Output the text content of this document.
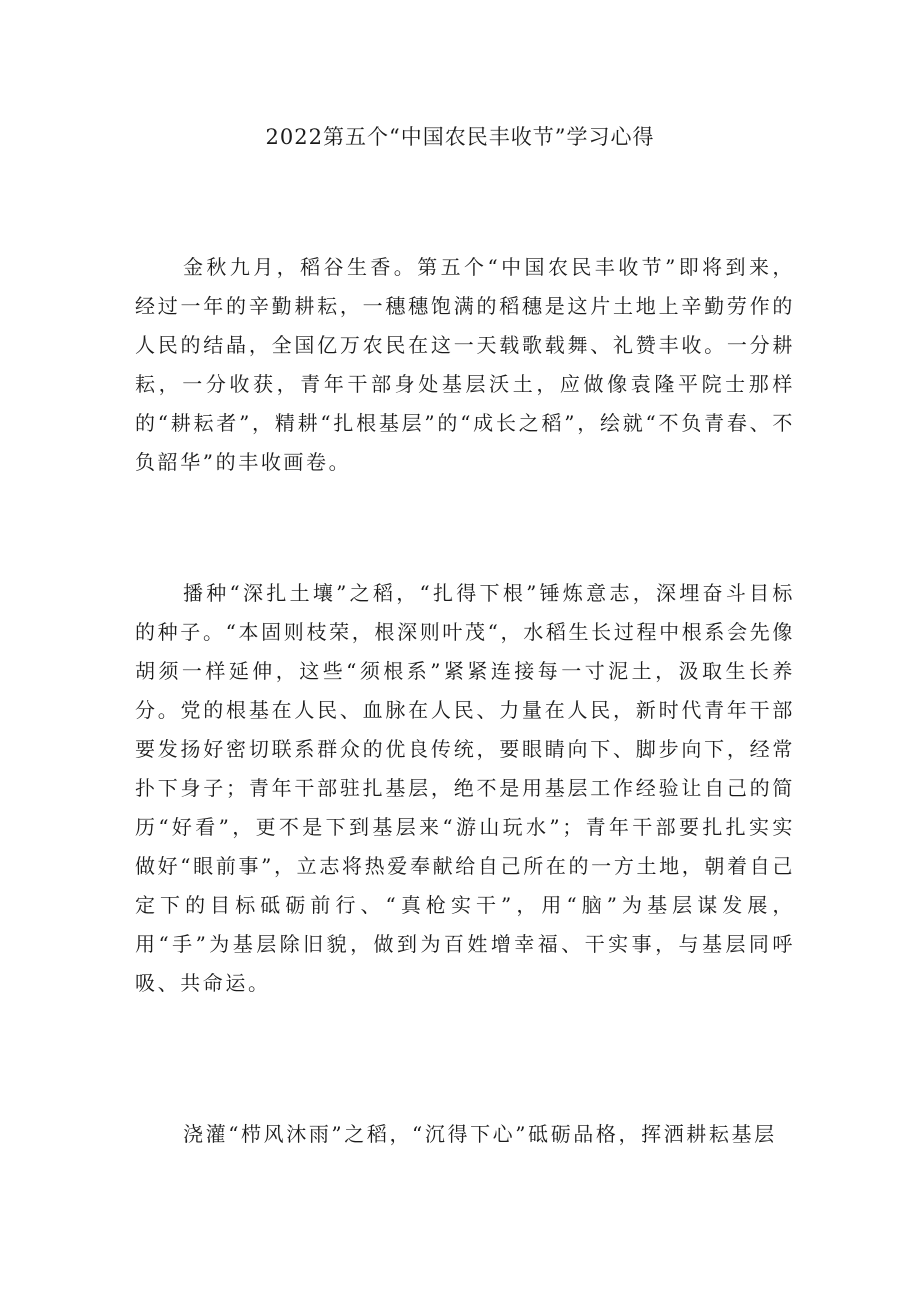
2022第五个“中国农民丰收节”学习心得

金秋九月，稻谷生香。第五个“中国农民丰收节”即将到来，经过一年的辛勤耕耘，一穗穗饱满的稻穗是这片土地上辛勤劳作的人民的结晶，全国亿万农民在这一天载歌载舞、礼赞丰收。一分耕耘，一分收获，青年干部身处基层沃土，应做像袁隆平院士那样的“耕耘者”，精耕“扎根基层”的“成长之稻”，绘就“不负青春、不负韶华”的丰收画卷。

播种“深扎土壤”之稻，“扎得下根”锤炼意志，深埋奋斗目标的种子。“本固则枝荣，根深则叶茂“，水稻生长过程中根系会先像胡须一样延伸，这些“须根系”紧紧连接每一寸泥土，汲取生长养分。党的根基在人民、血脉在人民、力量在人民，新时代青年干部要发扬好密切联系群众的优良传统，要眼睛向下、脚步向下，经常扑下身子；青年干部驻扎基层，绝不是用基层工作经验让自己的简历“好看”，更不是下到基层来“游山玩水”；青年干部要扎扎实实做好“眼前事”，立志将热爱奉献给自己所在的一方土地，朝着自己定下的目标砥砺前行、“真枪实干”，用“脑”为基层谋发展，用“手”为基层除旧貌，做到为百姓增幸福、干实事，与基层同呼吸、共命运。

浇灌“栉风沐雨”之稻，“沉得下心”砥砺品格，挥洒耕耘基层
